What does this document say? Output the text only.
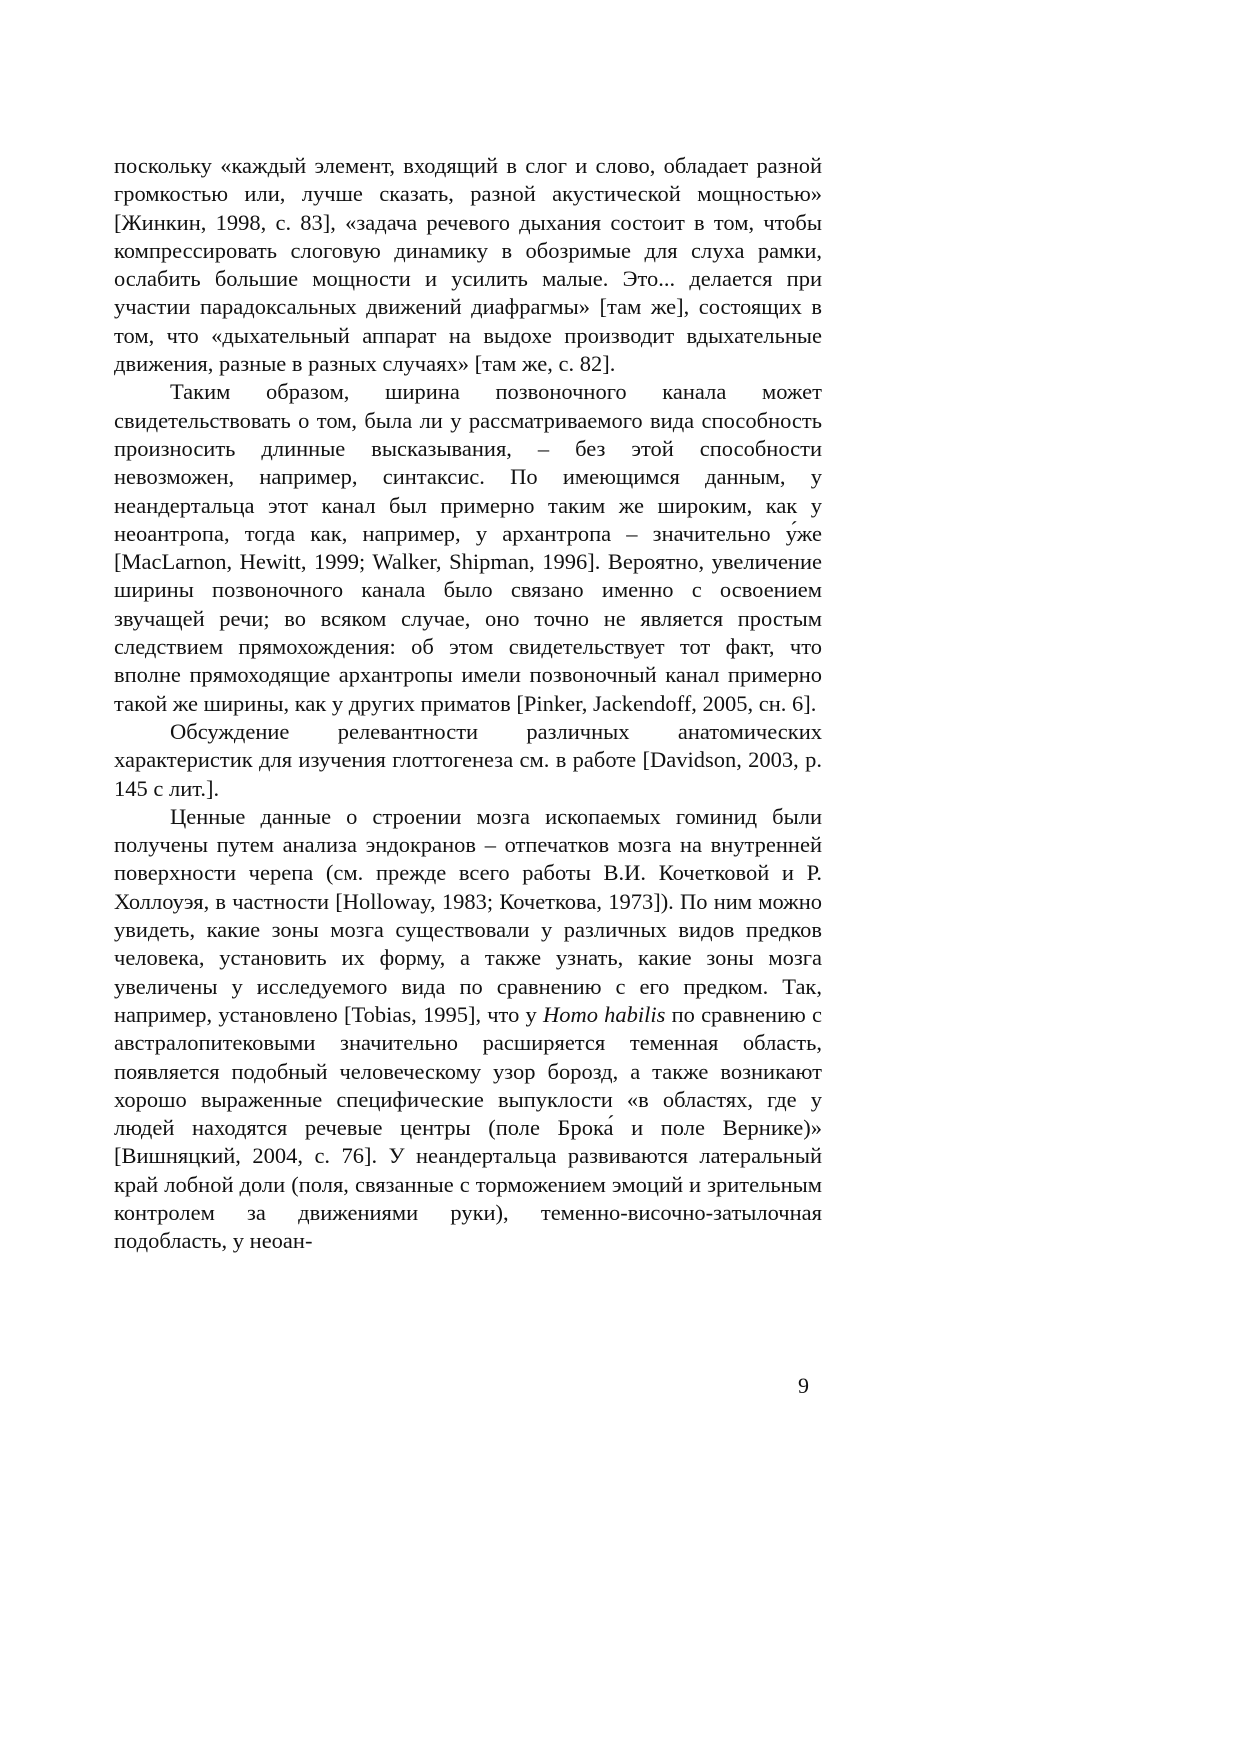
поскольку «каждый элемент, входящий в слог и слово, обладает разной громкостью или, лучше сказать, разной акустической мощностью» [Жинкин, 1998, с. 83], «задача речевого дыхания состоит в том, чтобы компрессировать слоговую динамику в обозримые для слуха рамки, ослабить большие мощности и усилить малые. Это... делается при участии парадоксальных движений диафрагмы» [там же], состоящих в том, что «дыхательный аппарат на выдохе производит вдыхательные движения, разные в разных случаях» [там же, с. 82].

Таким образом, ширина позвоночного канала может свидетельствовать о том, была ли у рассматриваемого вида способность произносить длинные высказывания, – без этой способности невозможен, например, синтаксис. По имеющимся данным, у неандертальца этот канал был примерно таким же широким, как у неоантропа, тогда как, например, у архантропа – значительно у́же [MacLarnon, Hewitt, 1999; Walker, Shipman, 1996]. Вероятно, увеличение ширины позвоночного канала было связано именно с освоением звучащей речи; во всяком случае, оно точно не является простым следствием прямохождения: об этом свидетельствует тот факт, что вполне прямоходящие архантропы имели позвоночный канал примерно такой же ширины, как у других приматов [Pinker, Jackendoff, 2005, сн. 6].

Обсуждение релевантности различных анатомических характеристик для изучения глоттогенеза см. в работе [Davidson, 2003, p. 145 с лит.].

Ценные данные о строении мозга ископаемых гоминид были получены путем анализа эндокранов – отпечатков мозга на внутренней поверхности черепа (см. прежде всего работы В.И. Кочетковой и Р. Холлоуэя, в частности [Holloway, 1983; Кочеткова, 1973]). По ним можно увидеть, какие зоны мозга существовали у различных видов предков человека, установить их форму, а также узнать, какие зоны мозга увеличены у исследуемого вида по сравнению с его предком. Так, например, установлено [Tobias, 1995], что у Homo habilis по сравнению с австралопитековыми значительно расширяется теменная область, появляется подобный человеческому узор борозд, а также возникают хорошо выраженные специфические выпуклости «в областях, где у людей находятся речевые центры (поле Брока́ и поле Вернике)» [Вишняцкий, 2004, с. 76]. У неандертальца развиваются латеральный край лобной доли (поля, связанные с торможением эмоций и зрительным контролем за движениями руки), теменно-височно-затылочная подобласть, у неоан-

9
